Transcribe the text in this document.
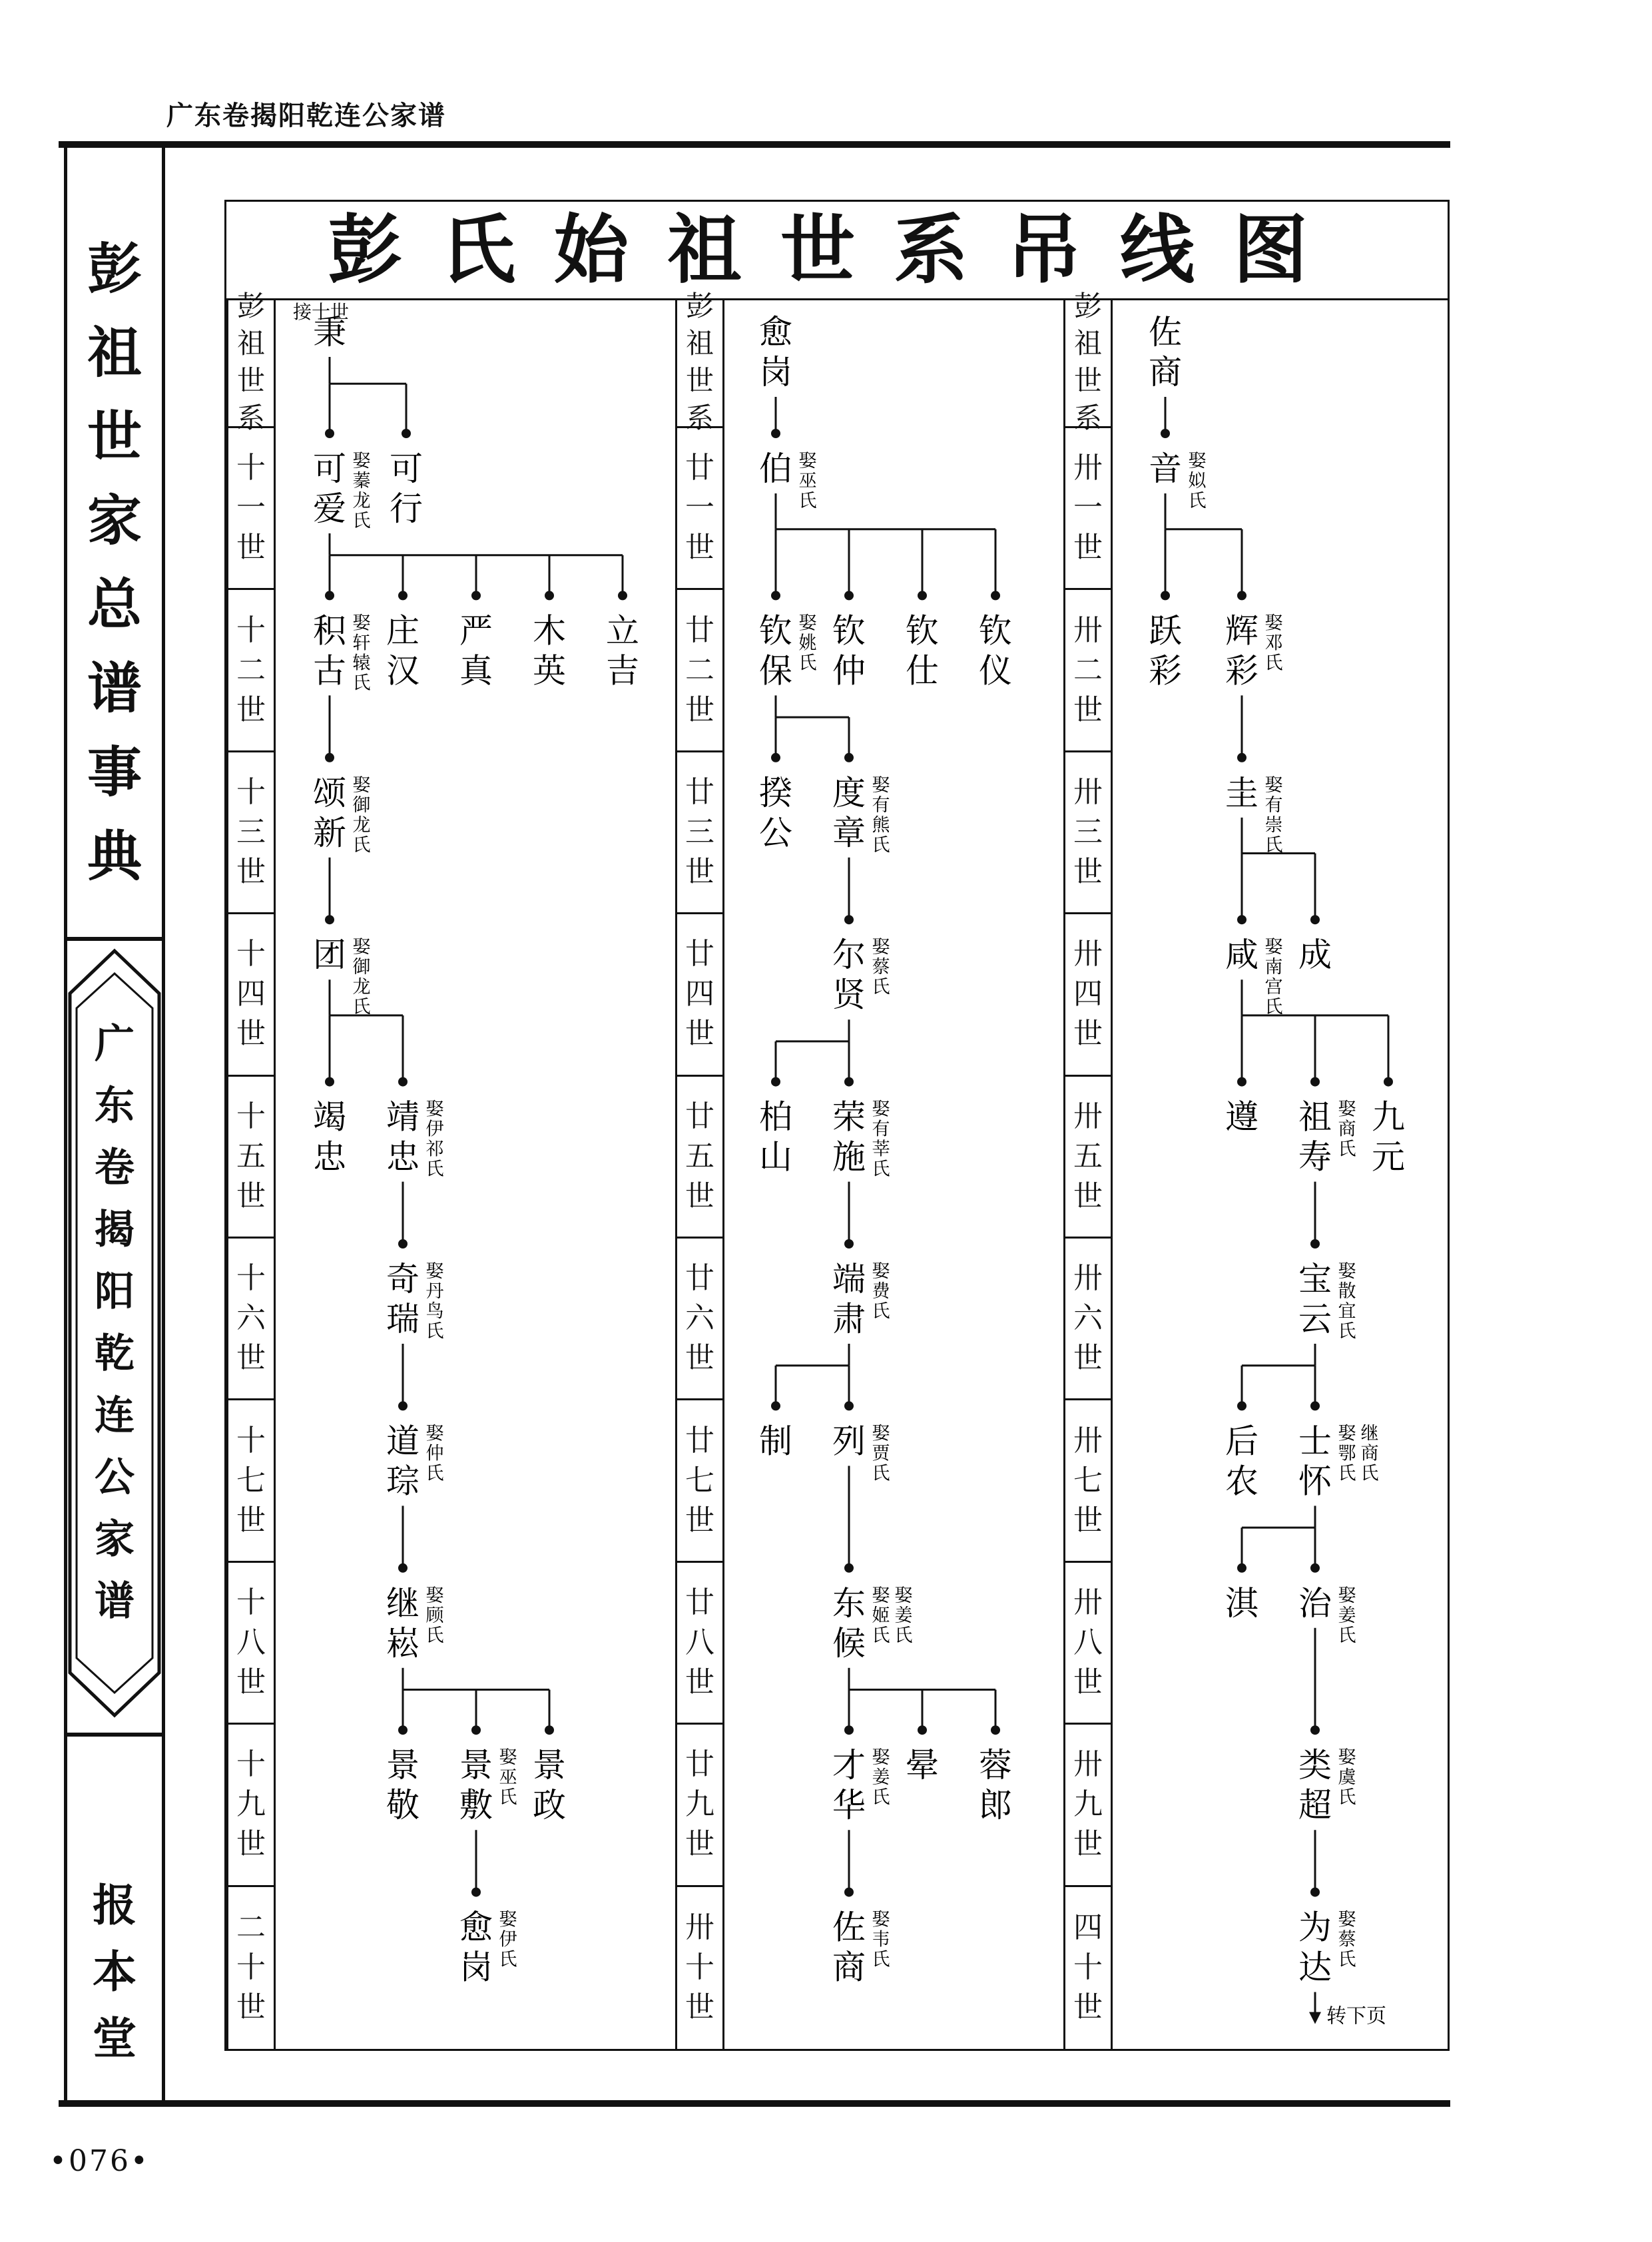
广东卷揭阳乾连公家谱
彭
祖
世
家
总
谱
事
典
广
东
卷
揭
阳
乾
连
公
家
谱
报
本
堂
彭氏始祖世系吊线图
彭
祖
世
系
十
一
世
十
二
世
十
三
世
十
四
世
十
五
世
十
六
世
十
七
世
十
八
世
十
九
世
二
十
世
彭
祖
世
系
廿
一
世
廿
二
世
廿
三
世
廿
四
世
廿
五
世
廿
六
世
廿
七
世
廿
八
世
廿
九
世
卅
十
世
彭
祖
世
系
卅
一
世
卅
二
世
卅
三
世
卅
四
世
卅
五
世
卅
六
世
卅
七
世
卅
八
世
卅
九
世
四
十
世
秉
可
爱
娶
蓁
龙
氏
可
行
积
古
娶
轩
辕
氏
庄
汉
严
真
木
英
立
吉
颂
新
娶
御
龙
氏
团 娶
御
龙
氏
竭
忠
靖
忠
娶
伊
祁
氏
奇
瑞
娶
丹
鸟
氏
道
琮
娶
仲
氏
继
崧
娶
顾
氏
景
敬
景
敷
娶
巫
氏
景
政
愈
岗
娶
伊
氏
愈
岗
伯 娶
巫
氏
钦
保
娶
姚
氏
钦
仲
钦
仕
钦
仪
揆
公
度
章
娶
有
熊
氏
尔
贤
娶
蔡
氏
柏
山
荣
施
娶
有
莘
氏
端
肃
娶
费
氏
制 列 娶
贾
氏
东
候
娶
姬
氏
娶
姜
氏
才
华
娶
姜
氏
晕 蓉
郎
佐
商
娶
韦
氏
佐
商
音 娶
姒
氏
跃
彩
辉
彩
娶
邓
氏
圭 娶
有
崇
氏
咸 娶
南
宫
氏
成
遵 祖
寿
娶
商
氏
九
元
宝
云
娶
散
宜
氏
后
农
士
怀
娶
鄂
氏
继
商
氏
淇 治 娶
姜
氏
类
超
娶
虞
氏
为
达
娶
蔡
氏
接十世
转下页
•076•
